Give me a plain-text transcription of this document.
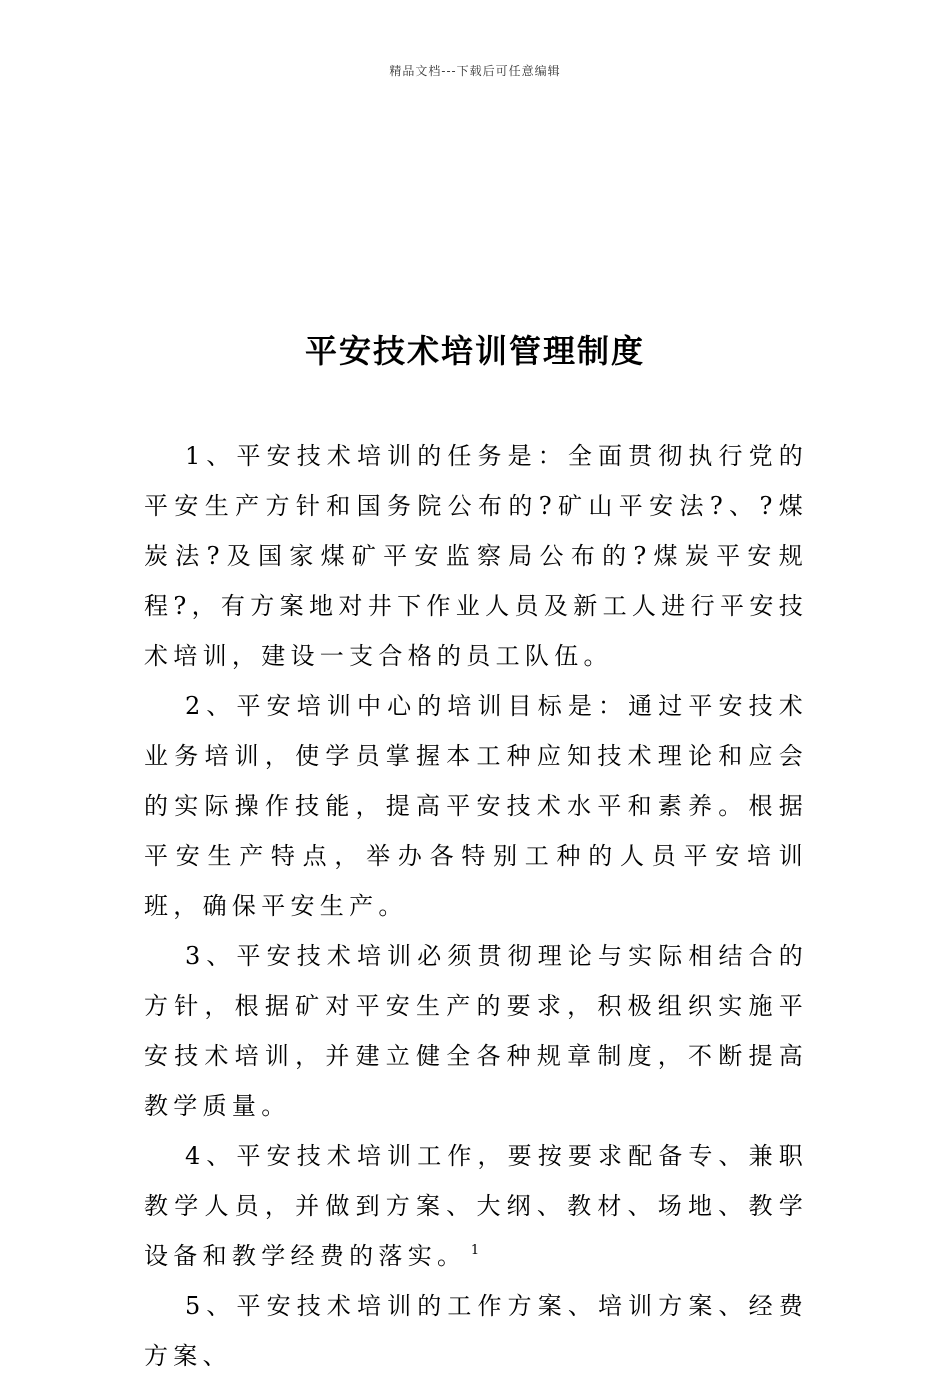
精品文档---下载后可任意编辑
平安技术培训管理制度

1、平安技术培训的任务是：全面贯彻执行党的平安生产方针和国务院公布的?矿山平安法?、?煤炭法?及国家煤矿平安监察局公布的?煤炭平安规程?，有方案地对井下作业人员及新工人进行平安技术培训，建设一支合格的员工队伍。

2、平安培训中心的培训目标是：通过平安技术业务培训，使学员掌握本工种应知技术理论和应会的实际操作技能，提高平安技术水平和素养。根据平安生产特点，举办各特别工种的人员平安培训班，确保平安生产。

3、平安技术培训必须贯彻理论与实际相结合的方针，根据矿对平安生产的要求，积极组织实施平安技术培训，并建立健全各种规章制度，不断提高教学质量。

4、平安技术培训工作，要按要求配备专、兼职教学人员，并做到方案、大纲、教材、场地、教学设备和教学经费的落实。

5、平安技术培训的工作方案、培训方案、经费方案、

1
